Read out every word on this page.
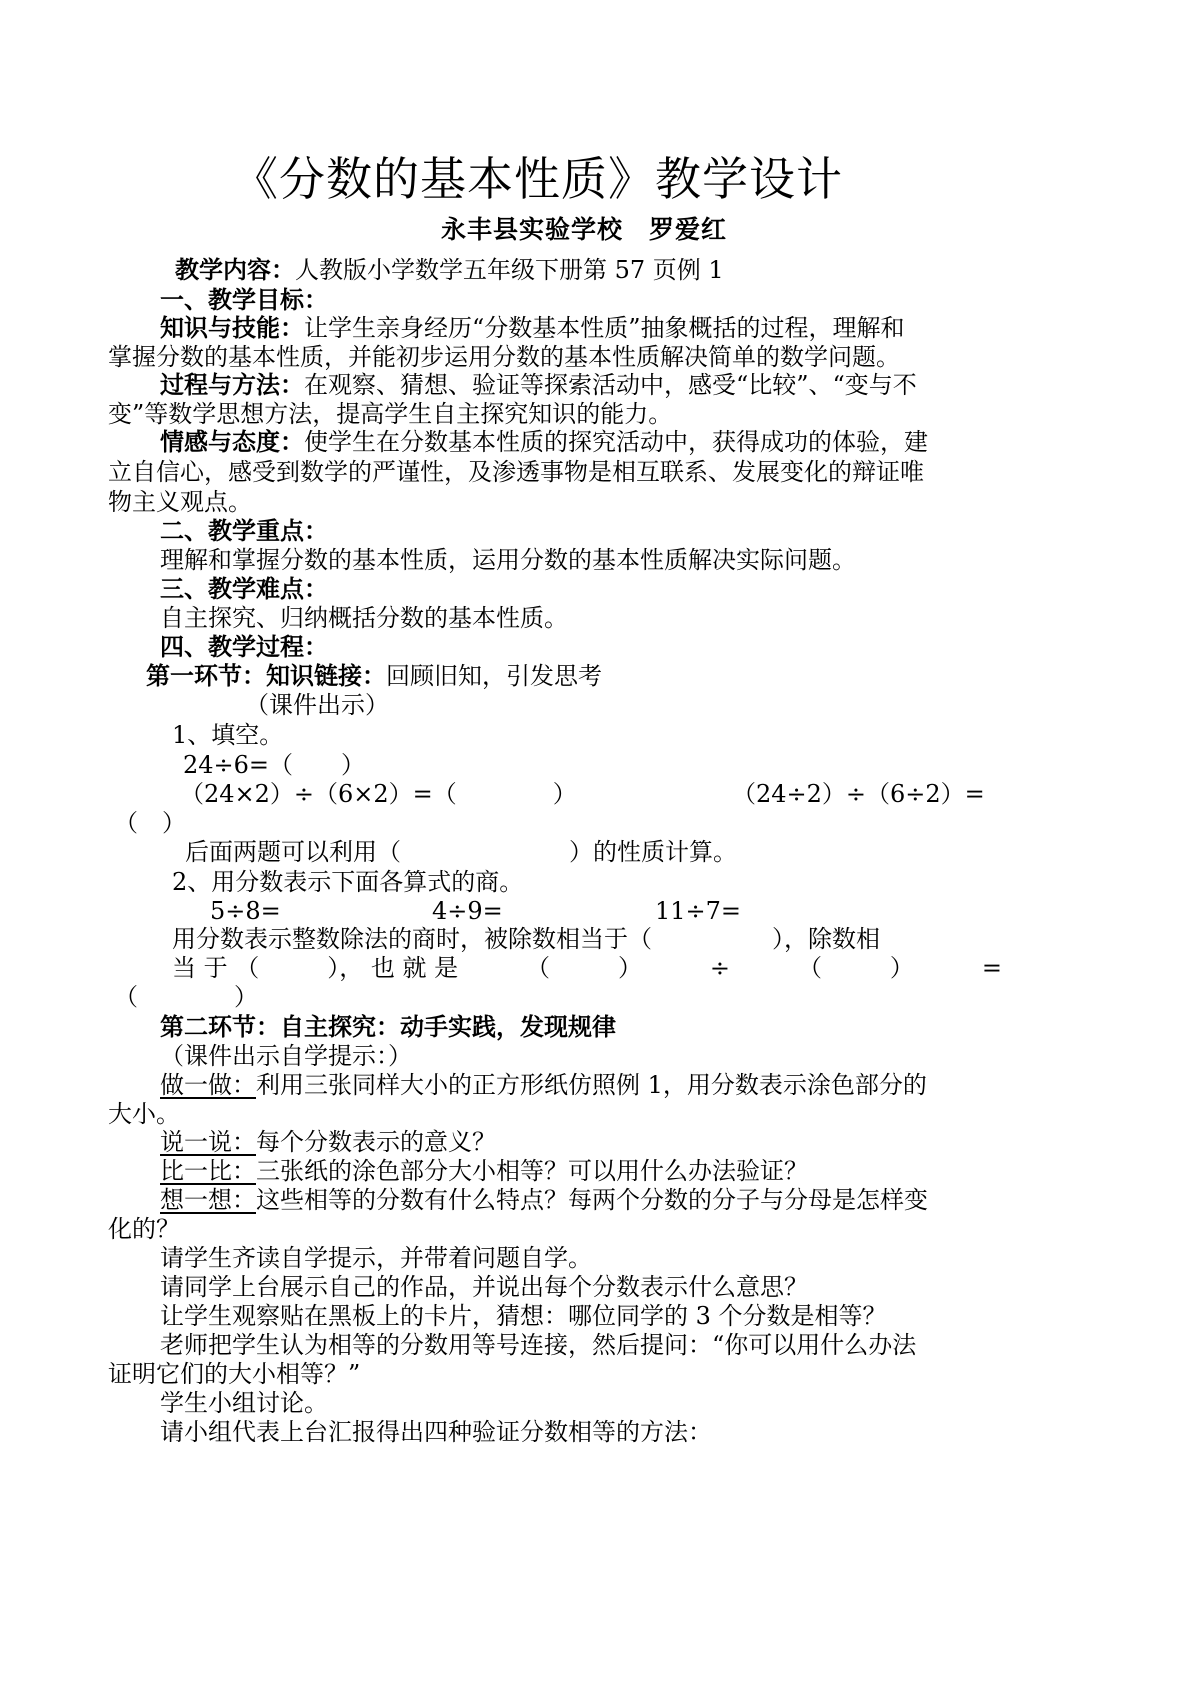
《分数的基本性质》教学设计
永丰县实验学校　罗爱红
教学内容：人教版小学数学五年级下册第 57 页例 1
一、教学目标：
知识与技能：让学生亲身经历“分数基本性质”抽象概括的过程，理解和
掌握分数的基本性质，并能初步运用分数的基本性质解决简单的数学问题。
过程与方法：在观察、猜想、验证等探索活动中，感受“比较”、“变与不
变”等数学思想方法，提高学生自主探究知识的能力。
情感与态度：使学生在分数基本性质的探究活动中，获得成功的体验，建
立自信心，感受到数学的严谨性，及渗透事物是相互联系、发展变化的辩证唯
物主义观点。
二、教学重点：
理解和掌握分数的基本性质，运用分数的基本性质解决实际问题。
三、教学难点：
自主探究、归纳概括分数的基本性质。
四、教学过程：
第一环节：知识链接：回顾旧知，引发思考
（课件出示）
1、填空。
24÷6=（　　）
（24×2）÷（6×2）=（　　　　）	（24÷2）÷（6÷2）=
（　）
后面两题可以利用（　　　　　　　）的性质计算。
2、用分数表示下面各算式的商。
5÷8=	4÷9=	11÷7=
用分数表示整数除法的商时，被除数相当于（　　　　　），除数相
当 于 （	）， 也 就 是	（	）	÷	（	）	=
（　　　　）
第二环节：自主探究：动手实践，发现规律
（课件出示自学提示：）
做一做：利用三张同样大小的正方形纸仿照例 1，用分数表示涂色部分的
大小。
说一说：每个分数表示的意义？
比一比：三张纸的涂色部分大小相等？可以用什么办法验证？
想一想：这些相等的分数有什么特点？每两个分数的分子与分母是怎样变
化的？
请学生齐读自学提示，并带着问题自学。
请同学上台展示自己的作品，并说出每个分数表示什么意思？
让学生观察贴在黑板上的卡片，猜想：哪位同学的 3 个分数是相等？
老师把学生认为相等的分数用等号连接，然后提问：“你可以用什么办法
证明它们的大小相等？”
学生小组讨论。
请小组代表上台汇报得出四种验证分数相等的方法：
